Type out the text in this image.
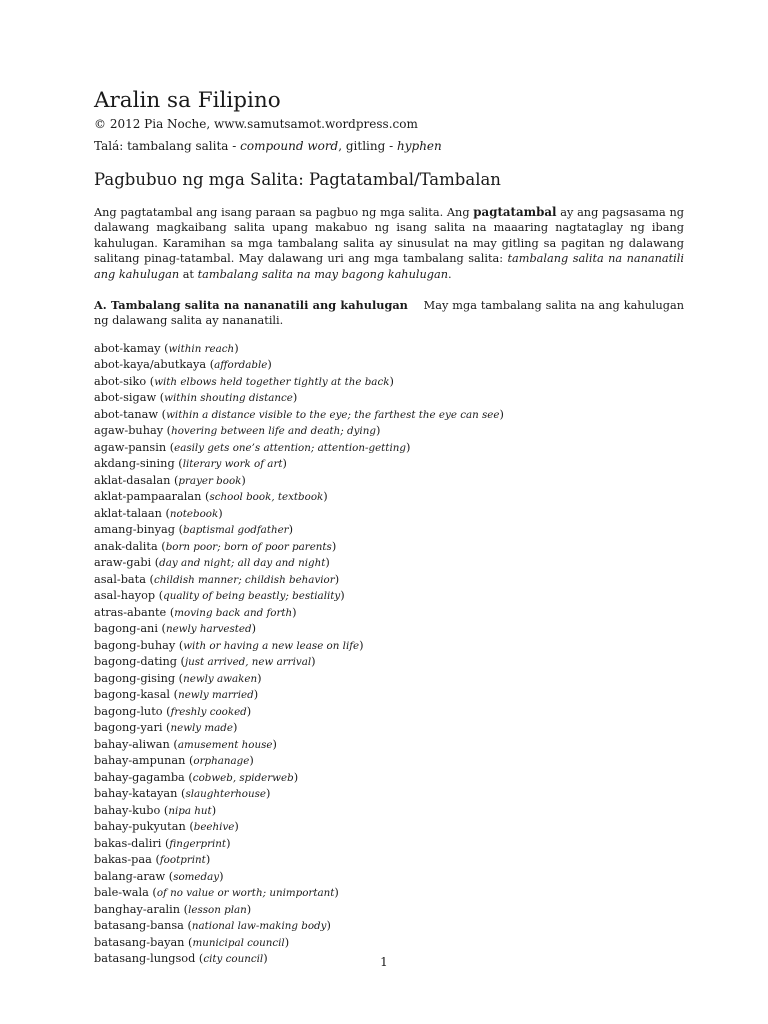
Aralin sa Filipino
© 2012 Pia Noche, www.samutsamot.wordpress.com
Talá: tambalang salita - compound word, gitling - hyphen
Pagbubuo ng mga Salita: Pagtatambal/Tambalan

Ang pagtatambal ang isang paraan sa pagbuo ng mga salita. Ang pagtatambal ay ang pagsasama ng dalawang magkaibang salita upang makabuo ng isang salita na maaaring nagtataglay ng ibang kahulugan. Karamihan sa mga tambalang salita ay sinusulat na may gitling sa pagitan ng dalawang salitang pinag-tatambal. May dalawang uri ang mga tambalang salita: tambalang salita na nananatili ang kahulugan at tambalang salita na may bagong kahulugan.

A. Tambalang salita na nananatili ang kahulugan    May mga tambalang salita na ang kahulugan ng dalawang salita ay nananatili.

abot-kamay (within reach)
abot-kaya/abutkaya (affordable)
abot-siko (with elbows held together tightly at the back)
abot-sigaw (within shouting distance)
abot-tanaw (within a distance visible to the eye; the farthest the eye can see)
agaw-buhay (hovering between life and death; dying)
agaw-pansin (easily gets one’s attention; attention-getting)
akdang-sining (literary work of art)
aklat-dasalan (prayer book)
aklat-pampaaralan (school book, textbook)
aklat-talaan (notebook)
amang-binyag (baptismal godfather)
anak-dalita (born poor; born of poor parents)
araw-gabi (day and night; all day and night)
asal-bata (childish manner; childish behavior)
asal-hayop (quality of being beastly; bestiality)
atras-abante (moving back and forth)
bagong-ani (newly harvested)
bagong-buhay (with or having a new lease on life)
bagong-dating (just arrived, new arrival)
bagong-gising (newly awaken)
bagong-kasal (newly married)
bagong-luto (freshly cooked)
bagong-yari (newly made)
bahay-aliwan (amusement house)
bahay-ampunan (orphanage)
bahay-gagamba (cobweb, spiderweb)
bahay-katayan (slaughterhouse)
bahay-kubo (nipa hut)
bahay-pukyutan (beehive)
bakas-daliri (fingerprint)
bakas-paa (footprint)
balang-araw (someday)
bale-wala (of no value or worth; unimportant)
banghay-aralin (lesson plan)
batasang-bansa (national law-making body)
batasang-bayan (municipal council)
batasang-lungsod (city council)	1
